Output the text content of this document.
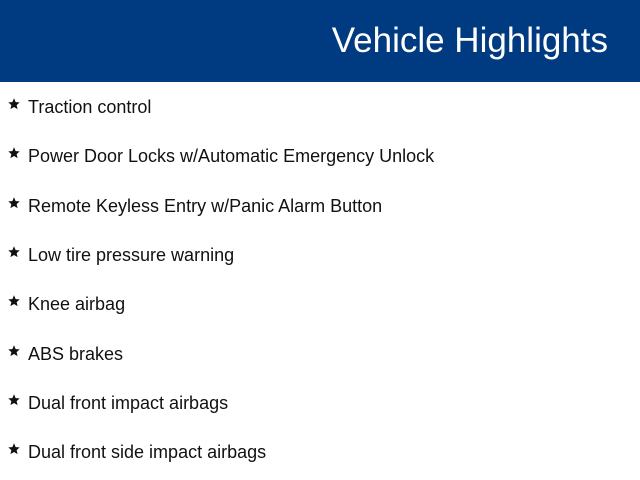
Vehicle Highlights
Traction control
Power Door Locks w/Automatic Emergency Unlock
Remote Keyless Entry w/Panic Alarm Button
Low tire pressure warning
Knee airbag
ABS brakes
Dual front impact airbags
Dual front side impact airbags
